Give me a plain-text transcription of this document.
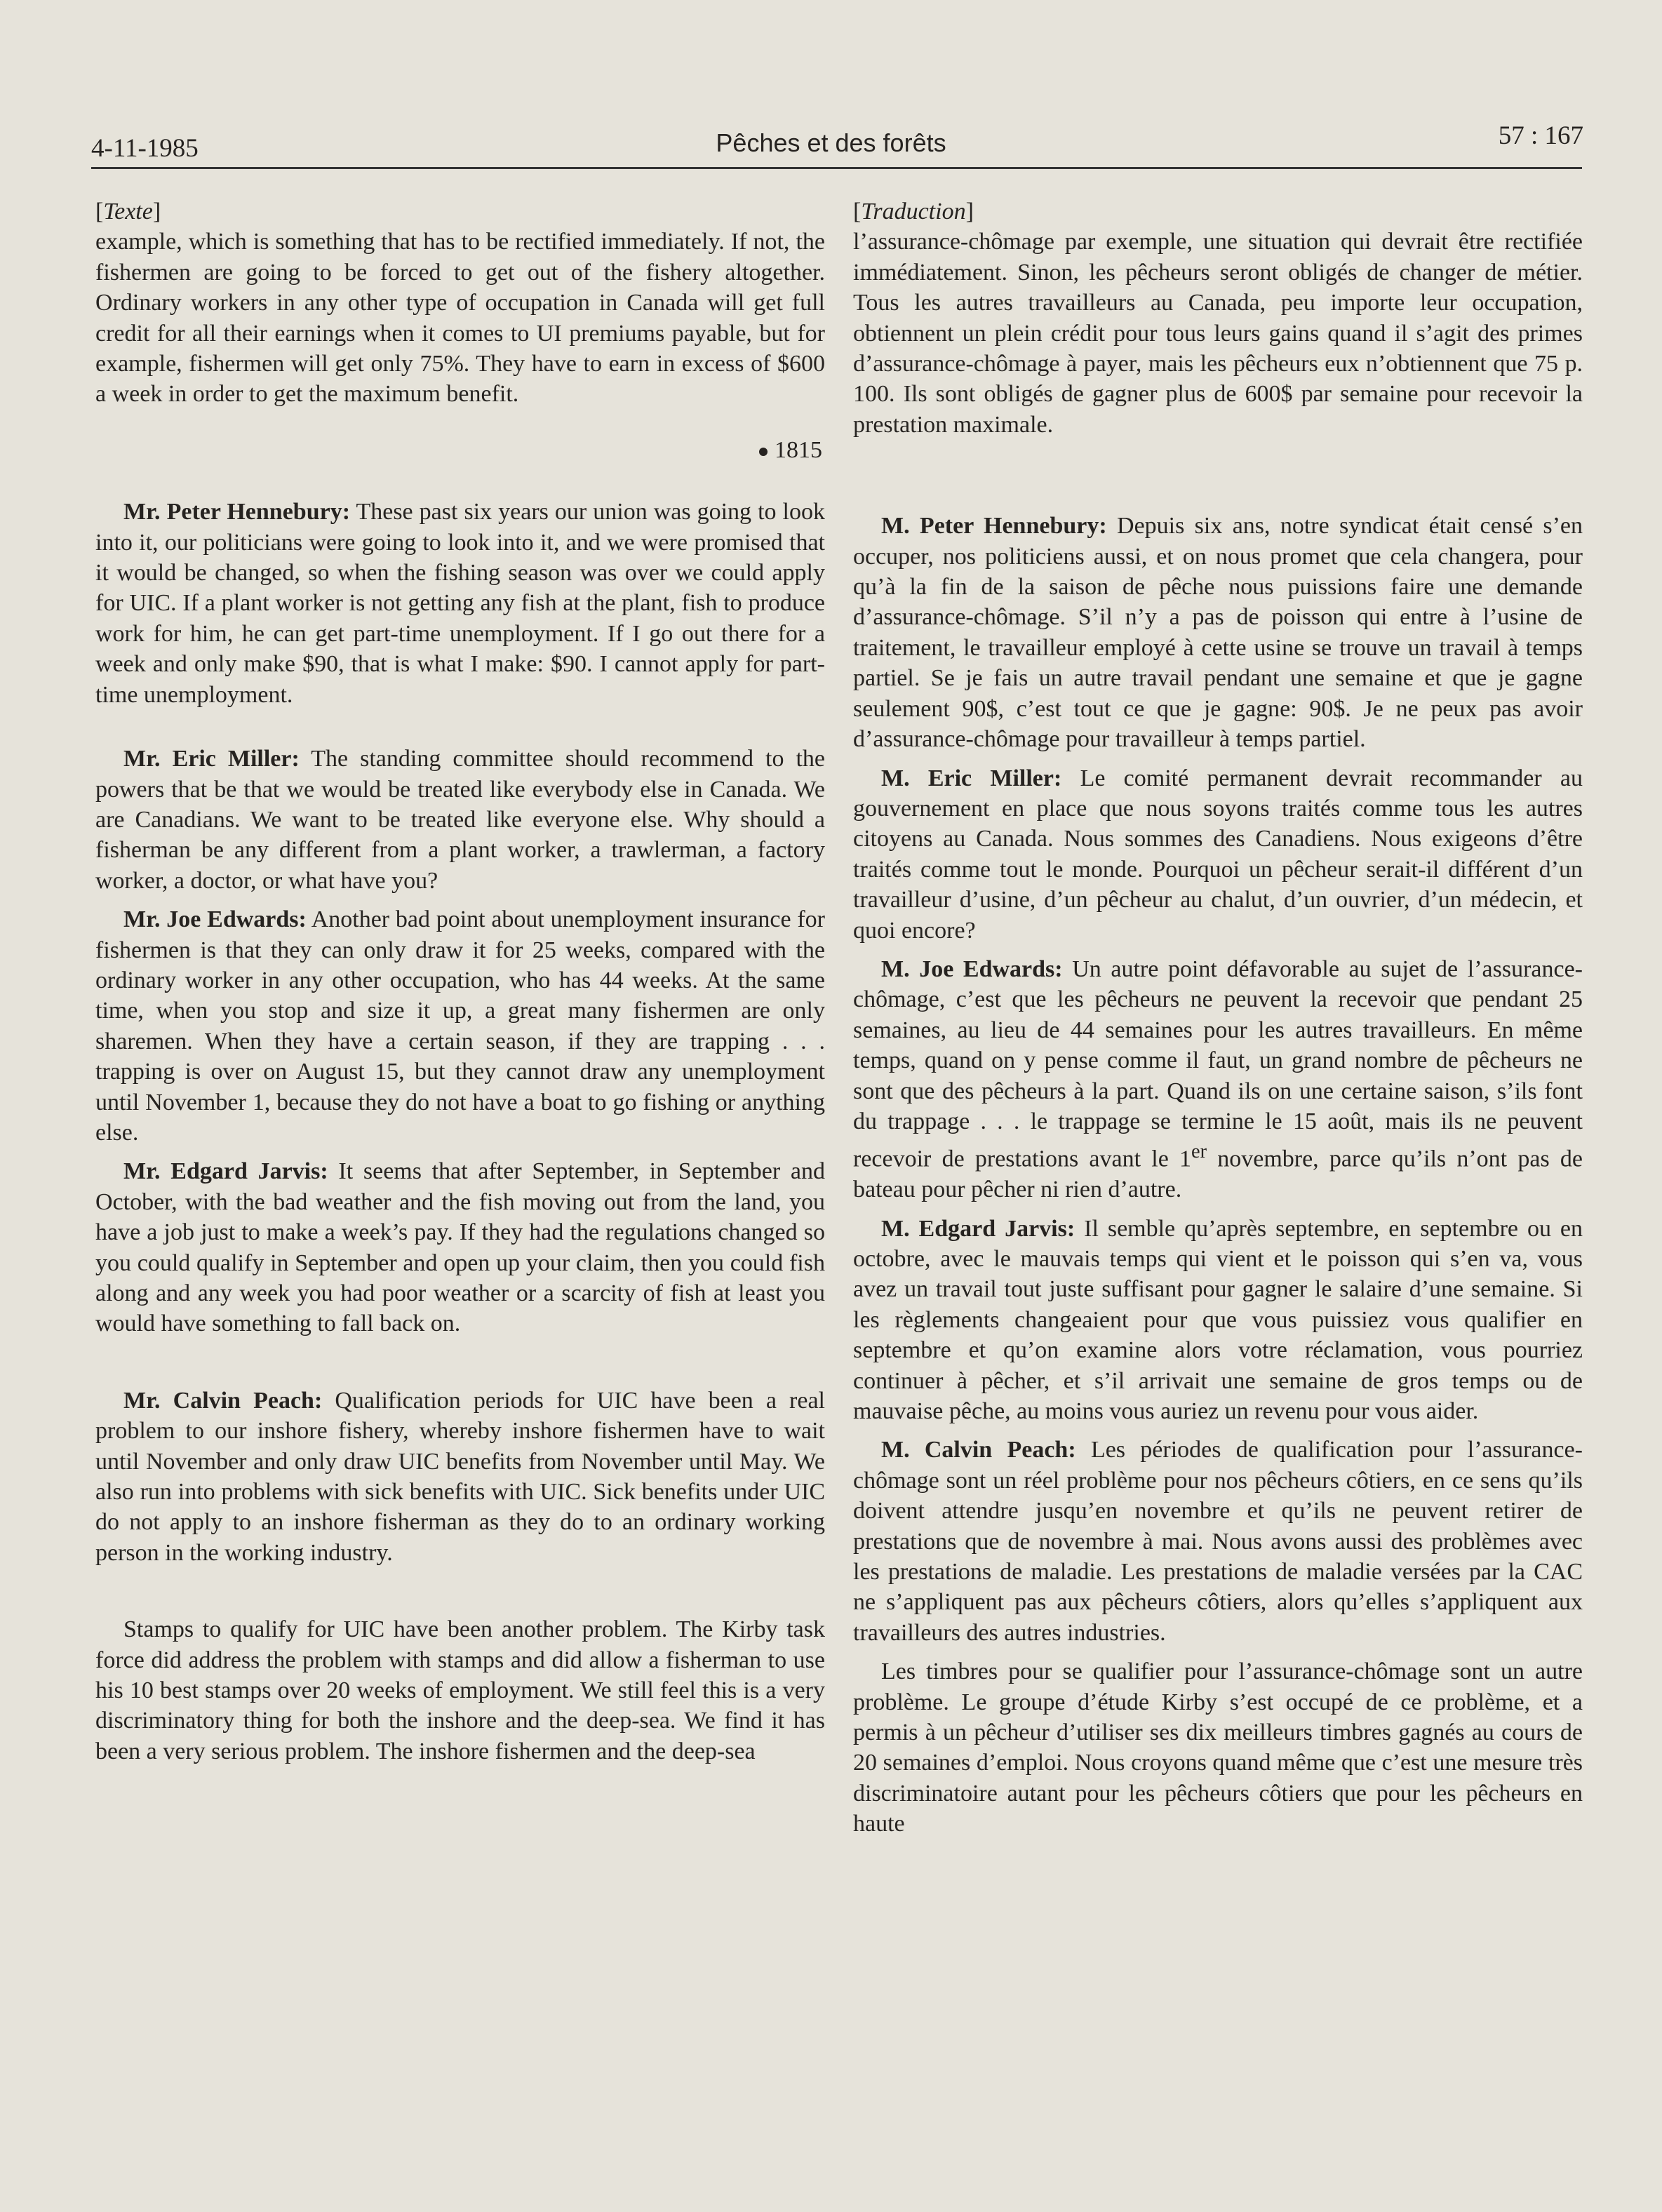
4-11-1985	Pêches et des forêts	57 : 167

[Texte]

example, which is something that has to be rectified immediately. If not, the fishermen are going to be forced to get out of the fishery altogether. Ordinary workers in any other type of occupation in Canada will get full credit for all their earnings when it comes to UI premiums payable, but for example, fishermen will get only 75%. They have to earn in excess of $600 a week in order to get the maximum benefit.

1815

Mr. Peter Hennebury: These past six years our union was going to look into it, our politicians were going to look into it, and we were promised that it would be changed, so when the fishing season was over we could apply for UIC. If a plant worker is not getting any fish at the plant, fish to produce work for him, he can get part-time unemployment. If I go out there for a week and only make $90, that is what I make: $90. I cannot apply for part-time unemployment.

Mr. Eric Miller: The standing committee should recommend to the powers that be that we would be treated like everybody else in Canada. We are Canadians. We want to be treated like everyone else. Why should a fisherman be any different from a plant worker, a trawlerman, a factory worker, a doctor, or what have you?

Mr. Joe Edwards: Another bad point about unemployment insurance for fishermen is that they can only draw it for 25 weeks, compared with the ordinary worker in any other occupation, who has 44 weeks. At the same time, when you stop and size it up, a great many fishermen are only sharemen. When they have a certain season, if they are trapping . . . trapping is over on August 15, but they cannot draw any unemployment until November 1, because they do not have a boat to go fishing or anything else.

Mr. Edgard Jarvis: It seems that after September, in September and October, with the bad weather and the fish moving out from the land, you have a job just to make a week’s pay. If they had the regulations changed so you could qualify in September and open up your claim, then you could fish along and any week you had poor weather or a scarcity of fish at least you would have something to fall back on.

Mr. Calvin Peach: Qualification periods for UIC have been a real problem to our inshore fishery, whereby inshore fishermen have to wait until November and only draw UIC benefits from November until May. We also run into problems with sick benefits with UIC. Sick benefits under UIC do not apply to an inshore fisherman as they do to an ordinary working person in the working industry.

Stamps to qualify for UIC have been another problem. The Kirby task force did address the problem with stamps and did allow a fisherman to use his 10 best stamps over 20 weeks of employment. We still feel this is a very discriminatory thing for both the inshore and the deep-sea. We find it has been a very serious problem. The inshore fishermen and the deep-sea

[Traduction]

l’assurance-chômage par exemple, une situation qui devrait être rectifiée immédiatement. Sinon, les pêcheurs seront obligés de changer de métier. Tous les autres travailleurs au Canada, peu importe leur occupation, obtiennent un plein crédit pour tous leurs gains quand il s’agit des primes d’assurance-chômage à payer, mais les pêcheurs eux n’obtiennent que 75 p. 100. Ils sont obligés de gagner plus de 600$ par semaine pour recevoir la prestation maximale.

M. Peter Hennebury: Depuis six ans, notre syndicat était censé s’en occuper, nos politiciens aussi, et on nous promet que cela changera, pour qu’à la fin de la saison de pêche nous puissions faire une demande d’assurance-chômage. S’il n’y a pas de poisson qui entre à l’usine de traitement, le travailleur employé à cette usine se trouve un travail à temps partiel. Se je fais un autre travail pendant une semaine et que je gagne seulement 90$, c’est tout ce que je gagne: 90$. Je ne peux pas avoir d’assurance-chômage pour travailleur à temps partiel.

M. Eric Miller: Le comité permanent devrait recommander au gouvernement en place que nous soyons traités comme tous les autres citoyens au Canada. Nous sommes des Canadiens. Nous exigeons d’être traités comme tout le monde. Pourquoi un pêcheur serait-il différent d’un travailleur d’usine, d’un pêcheur au chalut, d’un ouvrier, d’un médecin, et quoi encore?

M. Joe Edwards: Un autre point défavorable au sujet de l’assurance-chômage, c’est que les pêcheurs ne peuvent la recevoir que pendant 25 semaines, au lieu de 44 semaines pour les autres travailleurs. En même temps, quand on y pense comme il faut, un grand nombre de pêcheurs ne sont que des pêcheurs à la part. Quand ils on une certaine saison, s’ils font du trappage . . . le trappage se termine le 15 août, mais ils ne peuvent recevoir de prestations avant le 1er novembre, parce qu’ils n’ont pas de bateau pour pêcher ni rien d’autre.

M. Edgard Jarvis: Il semble qu’après septembre, en septembre ou en octobre, avec le mauvais temps qui vient et le poisson qui s’en va, vous avez un travail tout juste suffisant pour gagner le salaire d’une semaine. Si les règlements changeaient pour que vous puissiez vous qualifier en septembre et qu’on examine alors votre réclamation, vous pourriez continuer à pêcher, et s’il arrivait une semaine de gros temps ou de mauvaise pêche, au moins vous auriez un revenu pour vous aider.

M. Calvin Peach: Les périodes de qualification pour l’assurance-chômage sont un réel problème pour nos pêcheurs côtiers, en ce sens qu’ils doivent attendre jusqu’en novembre et qu’ils ne peuvent retirer de prestations que de novembre à mai. Nous avons aussi des problèmes avec les prestations de maladie. Les prestations de maladie versées par la CAC ne s’appliquent pas aux pêcheurs côtiers, alors qu’elles s’appliquent aux travailleurs des autres industries.

Les timbres pour se qualifier pour l’assurance-chômage sont un autre problème. Le groupe d’étude Kirby s’est occupé de ce problème, et a permis à un pêcheur d’utiliser ses dix meilleurs timbres gagnés au cours de 20 semaines d’emploi. Nous croyons quand même que c’est une mesure très discriminatoire autant pour les pêcheurs côtiers que pour les pêcheurs en haute
